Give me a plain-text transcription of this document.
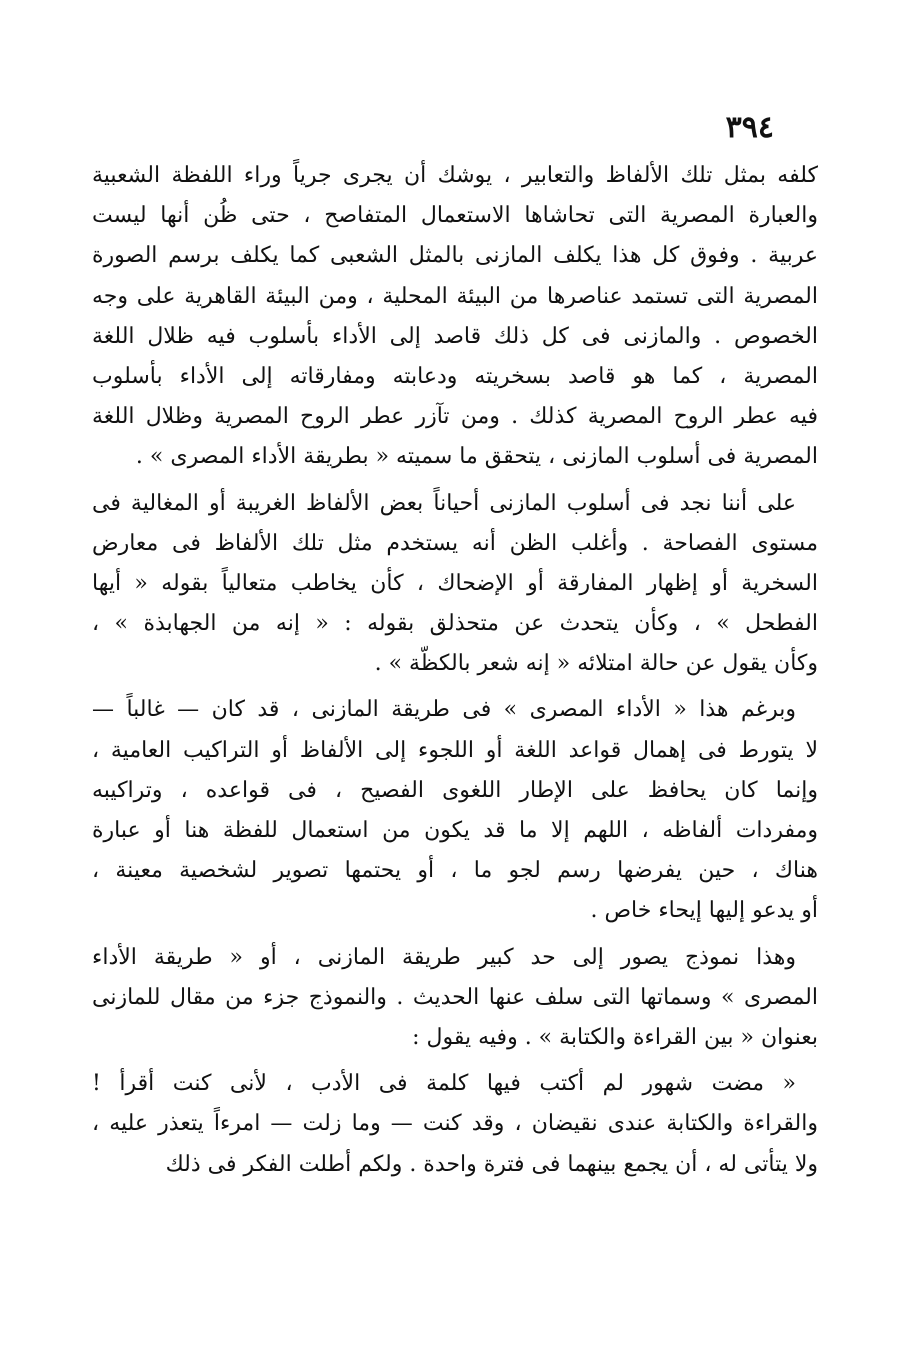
٣٩٤
كلفه بمثل تلك الألفاظ والتعابير ، يوشك أن يجرى جرياً وراء اللفظة الشعبية
والعبارة المصرية التى تحاشاها الاستعمال المتفاصح ، حتى ظُن أنها ليست
عربية . وفوق كل هذا يكلف المازنى بالمثل الشعبى كما يكلف برسم الصورة
المصرية التى تستمد عناصرها من البيئة المحلية ، ومن البيئة القاهرية على وجه
الخصوص . والمازنى فى كل ذلك قاصد إلى الأداء بأسلوب فيه ظلال اللغة
المصرية ، كما هو قاصد بسخريته ودعابته ومفارقاته إلى الأداء بأسلوب
فيه عطر الروح المصرية كذلك . ومن تآزر عطر الروح المصرية وظلال اللغة
المصرية فى أسلوب المازنى ، يتحقق ما سميته « بطريقة الأداء المصرى » .
على أننا نجد فى أسلوب المازنى أحياناً بعض الألفاظ الغريبة أو المغالية فى
مستوى الفصاحة . وأغلب الظن أنه يستخدم مثل تلك الألفاظ فى معارض
السخرية أو إظهار المفارقة أو الإضحاك ، كأن يخاطب متعالياً بقوله « أيها
الفطحل » ، وكأن يتحدث عن متحذلق بقوله : « إنه من الجهابذة » ،
وكأن يقول عن حالة امتلائه « إنه شعر بالكظّة » .
وبرغم هذا « الأداء المصرى » فى طريقة المازنى ، قد كان — غالباً —
لا يتورط فى إهمال قواعد اللغة أو اللجوء إلى الألفاظ أو التراكيب العامية ،
وإنما كان يحافظ على الإطار اللغوى الفصيح ، فى قواعده ، وتراكيبه
ومفردات ألفاظه ، اللهم إلا ما قد يكون من استعمال للفظة هنا أو عبارة
هناك ، حين يفرضها رسم لجو ما ، أو يحتمها تصوير لشخصية معينة ،
أو يدعو إليها إيحاء خاص .
وهذا نموذج يصور إلى حد كبير طريقة المازنى ، أو « طريقة الأداء
المصرى » وسماتها التى سلف عنها الحديث . والنموذج جزء من مقال للمازنى
بعنوان « بين القراءة والكتابة » . وفيه يقول :
« مضت شهور لم أكتب فيها كلمة فى الأدب ، لأنى كنت أقرأ !
والقراءة والكتابة عندى نقيضان ، وقد كنت — وما زلت — امرءاً يتعذر عليه ،
ولا يتأتى له ، أن يجمع بينهما فى فترة واحدة . ولكم أطلت الفكر فى ذلك
